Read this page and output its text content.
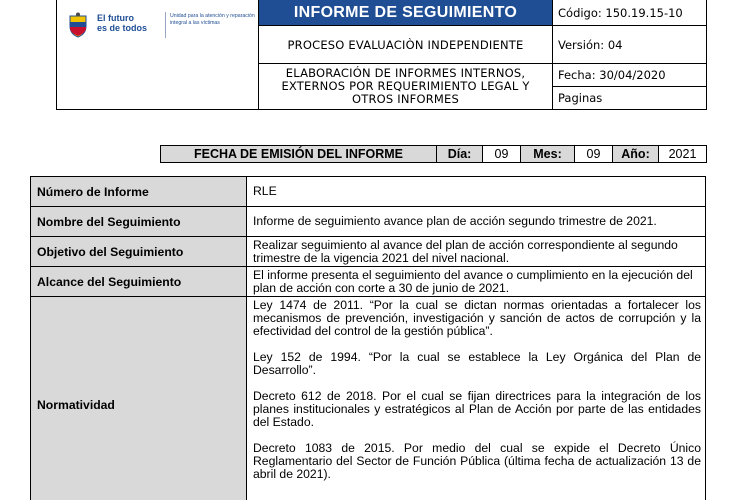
El futuro
es de todos
Unidad para la atención y reparación integral a las víctimas	INFORME DE SEGUIMIENTO	Código: 150.19.15-10
	PROCESO EVALUACIÒN INDEPENDIENTE	Versión: 04
	ELABORACIÓN DE INFORMES INTERNOS, EXTERNOS POR REQUERIMIENTO LEGAL Y OTROS INFORMES	Fecha: 30/04/2020
Paginas
FECHA DE EMISIÓN DEL INFORME	Día:	09	Mes:	09	Año:	2021
Número de Informe	RLE
Nombre del Seguimiento	Informe de seguimiento avance plan de acción segundo trimestre de 2021.
Objetivo del Seguimiento	Realizar seguimiento al avance del plan de acción correspondiente al segundo trimestre de la vigencia 2021 del nivel nacional.
Alcance del Seguimiento	El informe presenta el seguimiento del avance o cumplimiento en la ejecución del plan de acción con corte a 30 de junio de 2021.
Normatividad	Ley 1474 de 2011. “Por la cual se dictan normas orientadas a fortalecer los mecanismos de prevención, investigación y sanción de actos de corrupción y la efectividad del control de la gestión pública”.

Ley 152 de 1994. “Por la cual se establece la Ley Orgánica del Plan de Desarrollo”.

Decreto 612 de 2018. Por el cual se fijan directrices para la integración de los planes institucionales y estratégicos al Plan de Acción por parte de las entidades del Estado.

Decreto 1083 de 2015. Por medio del cual se expide el Decreto Único Reglamentario del Sector de Función Pública (última fecha de actualización 13 de abril de 2021).
